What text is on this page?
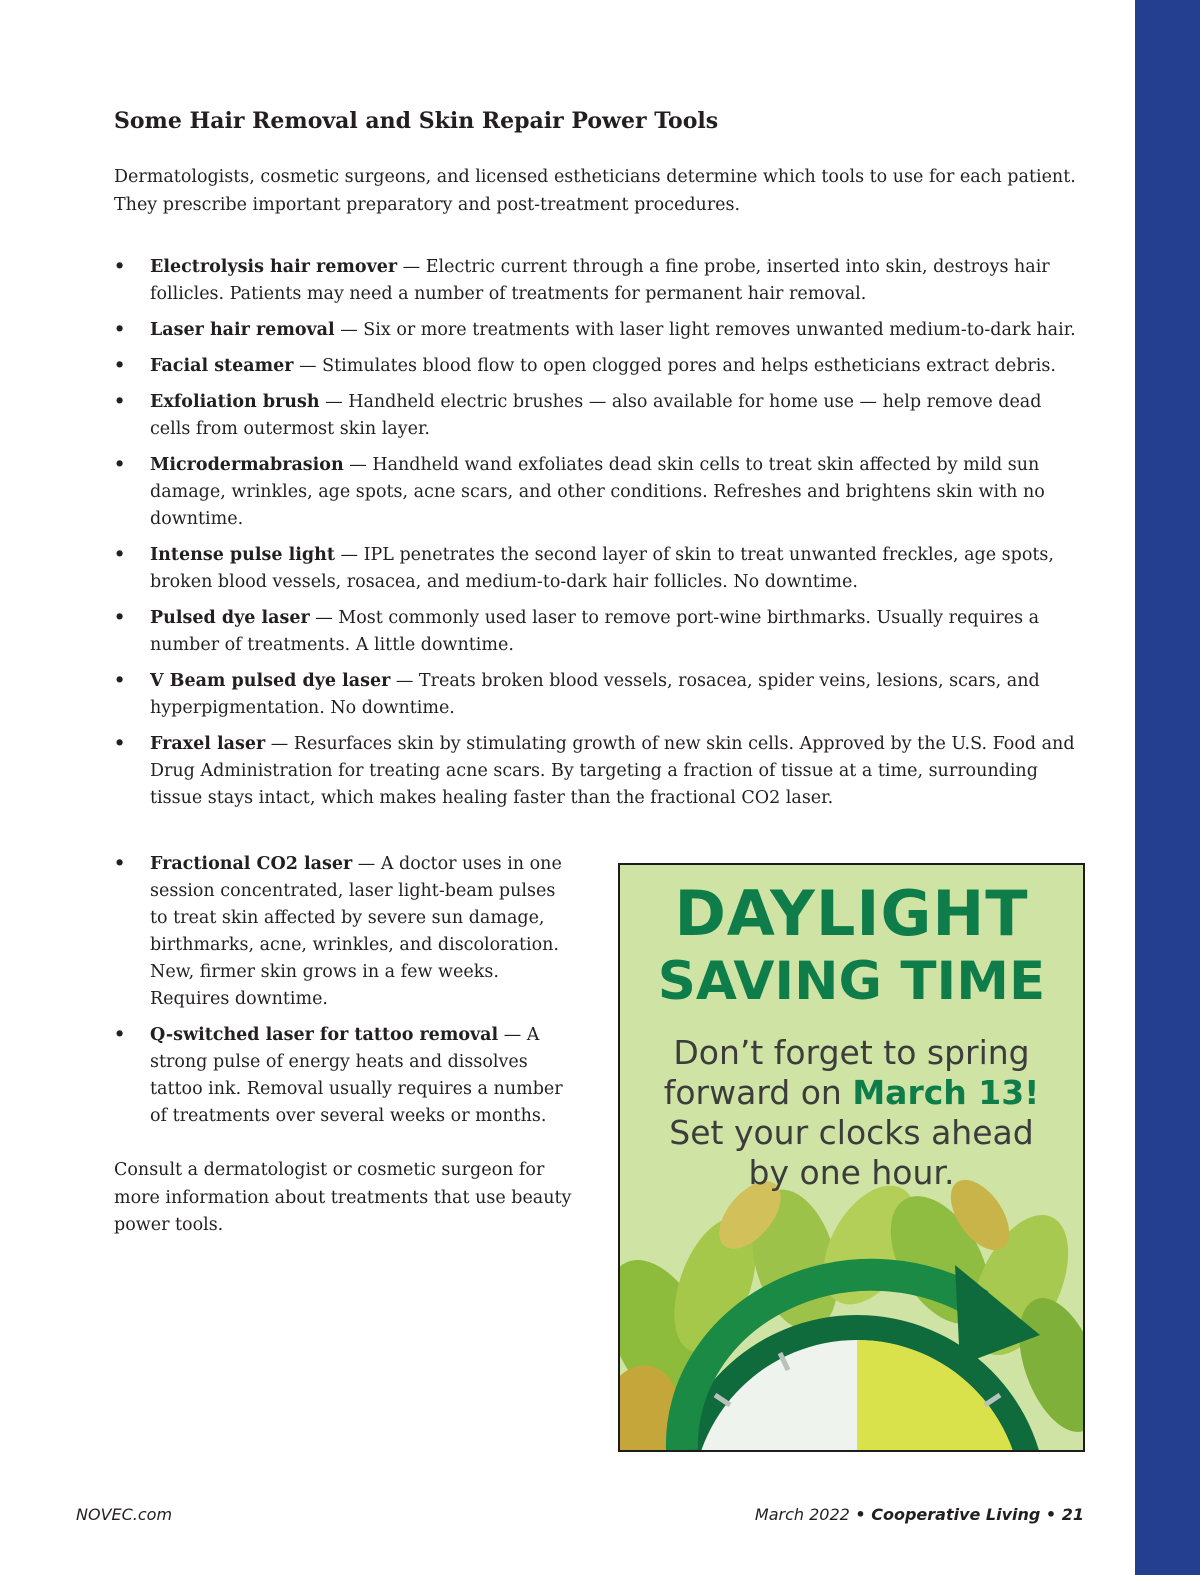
Some Hair Removal and Skin Repair Power Tools

Dermatologists, cosmetic surgeons, and licensed estheticians determine which tools to use for each patient. They prescribe important preparatory and post-treatment procedures.

• Electrolysis hair remover — Electric current through a fine probe, inserted into skin, destroys hair follicles. Patients may need a number of treatments for permanent hair removal.
• Laser hair removal — Six or more treatments with laser light removes unwanted medium-to-dark hair.
• Facial steamer — Stimulates blood flow to open clogged pores and helps estheticians extract debris.
• Exfoliation brush — Handheld electric brushes — also available for home use — help remove dead cells from outermost skin layer.
• Microdermabrasion — Handheld wand exfoliates dead skin cells to treat skin affected by mild sun damage, wrinkles, age spots, acne scars, and other conditions. Refreshes and brightens skin with no downtime.
• Intense pulse light — IPL penetrates the second layer of skin to treat unwanted freckles, age spots, broken blood vessels, rosacea, and medium-to-dark hair follicles. No downtime.
• Pulsed dye laser — Most commonly used laser to remove port-wine birthmarks. Usually requires a number of treatments. A little downtime.
• V Beam pulsed dye laser — Treats broken blood vessels, rosacea, spider veins, lesions, scars, and hyperpigmentation. No downtime.
• Fraxel laser — Resurfaces skin by stimulating growth of new skin cells. Approved by the U.S. Food and Drug Administration for treating acne scars. By targeting a fraction of tissue at a time, surrounding tissue stays intact, which makes healing faster than the fractional CO2 laser.
• Fractional CO2 laser — A doctor uses in one session concentrated, laser light-beam pulses to treat skin affected by severe sun damage, birthmarks, acne, wrinkles, and discoloration. New, firmer skin grows in a few weeks. Requires downtime.
• Q-switched laser for tattoo removal — A strong pulse of energy heats and dissolves tattoo ink. Removal usually requires a number of treatments over several weeks or months.

Consult a dermatologist or cosmetic surgeon for more information about treatments that use beauty power tools.

DAYLIGHT
SAVING TIME
Don’t forget to spring
forward on March 13!
Set your clocks ahead
by one hour.
NOVEC.com	March 2022 • Cooperative Living • 21
